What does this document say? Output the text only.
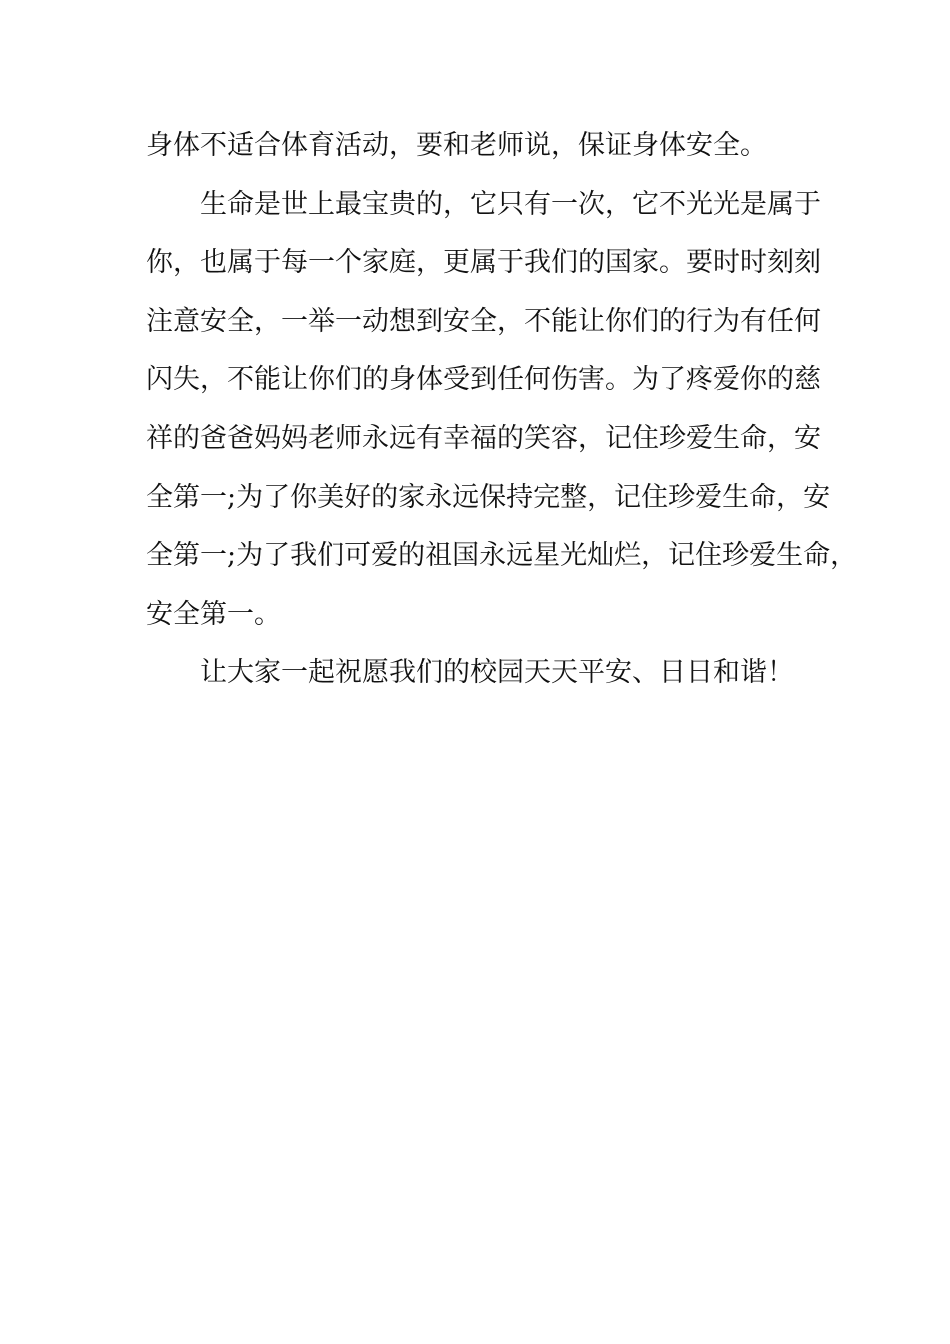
身体不适合体育活动，要和老师说，保证身体安全。
生命是世上最宝贵的，它只有一次，它不光光是属于
你，也属于每一个家庭，更属于我们的国家。要时时刻刻
注意安全，一举一动想到安全，不能让你们的行为有任何
闪失，不能让你们的身体受到任何伤害。为了疼爱你的慈
祥的爸爸妈妈老师永远有幸福的笑容，记住珍爱生命，安
全第一;为了你美好的家永远保持完整，记住珍爱生命，安
全第一;为了我们可爱的祖国永远星光灿烂，记住珍爱生命，
安全第一。
让大家一起祝愿我们的校园天天平安、日日和谐！
